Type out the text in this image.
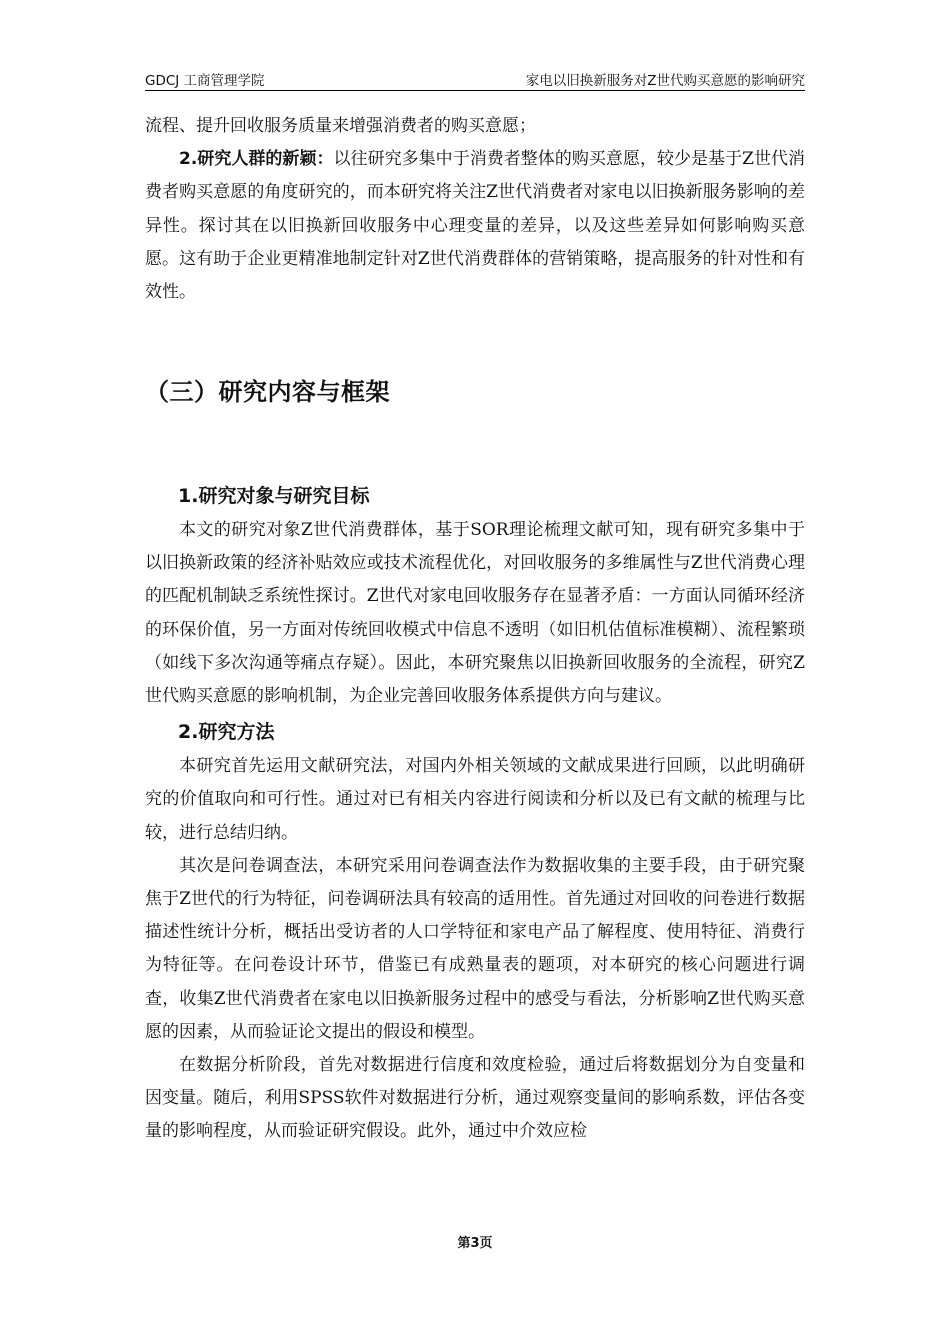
GDCJ 工商管理学院	家电以旧换新服务对Z世代购买意愿的影响研究

流程、提升回收服务质量来增强消费者的购买意愿；

2.研究人群的新颖：以往研究多集中于消费者整体的购买意愿，较少是基于Z世代消费者购买意愿的角度研究的，而本研究将关注Z世代消费者对家电以旧换新服务影响的差异性。探讨其在以旧换新回收服务中心理变量的差异，以及这些差异如何影响购买意愿。这有助于企业更精准地制定针对Z世代消费群体的营销策略，提高服务的针对性和有效性。

（三）研究内容与框架
1.研究对象与研究目标

本文的研究对象Z世代消费群体，基于SOR理论梳理文献可知，现有研究多集中于以旧换新政策的经济补贴效应或技术流程优化，对回收服务的多维属性与Z世代消费心理的匹配机制缺乏系统性探讨。Z世代对家电回收服务存在显著矛盾：一方面认同循环经济的环保价值，另一方面对传统回收模式中信息不透明（如旧机估值标准模糊）、流程繁琐（如线下多次沟通等痛点存疑）。因此，本研究聚焦以旧换新回收服务的全流程，研究Z世代购买意愿的影响机制，为企业完善回收服务体系提供方向与建议。

2.研究方法

本研究首先运用文献研究法，对国内外相关领域的文献成果进行回顾，以此明确研究的价值取向和可行性。通过对已有相关内容进行阅读和分析以及已有文献的梳理与比较，进行总结归纳。

其次是问卷调查法，本研究采用问卷调查法作为数据收集的主要手段，由于研究聚焦于Z世代的行为特征，问卷调研法具有较高的适用性。首先通过对回收的问卷进行数据描述性统计分析，概括出受访者的人口学特征和家电产品了解程度、使用特征、消费行为特征等。在问卷设计环节，借鉴已有成熟量表的题项，对本研究的核心问题进行调查，收集Z世代消费者在家电以旧换新服务过程中的感受与看法，分析影响Z世代购买意愿的因素，从而验证论文提出的假设和模型。

在数据分析阶段，首先对数据进行信度和效度检验，通过后将数据划分为自变量和因变量。随后，利用SPSS软件对数据进行分析，通过观察变量间的影响系数，评估各变量的影响程度，从而验证研究假设。此外，通过中介效应检

第3页
